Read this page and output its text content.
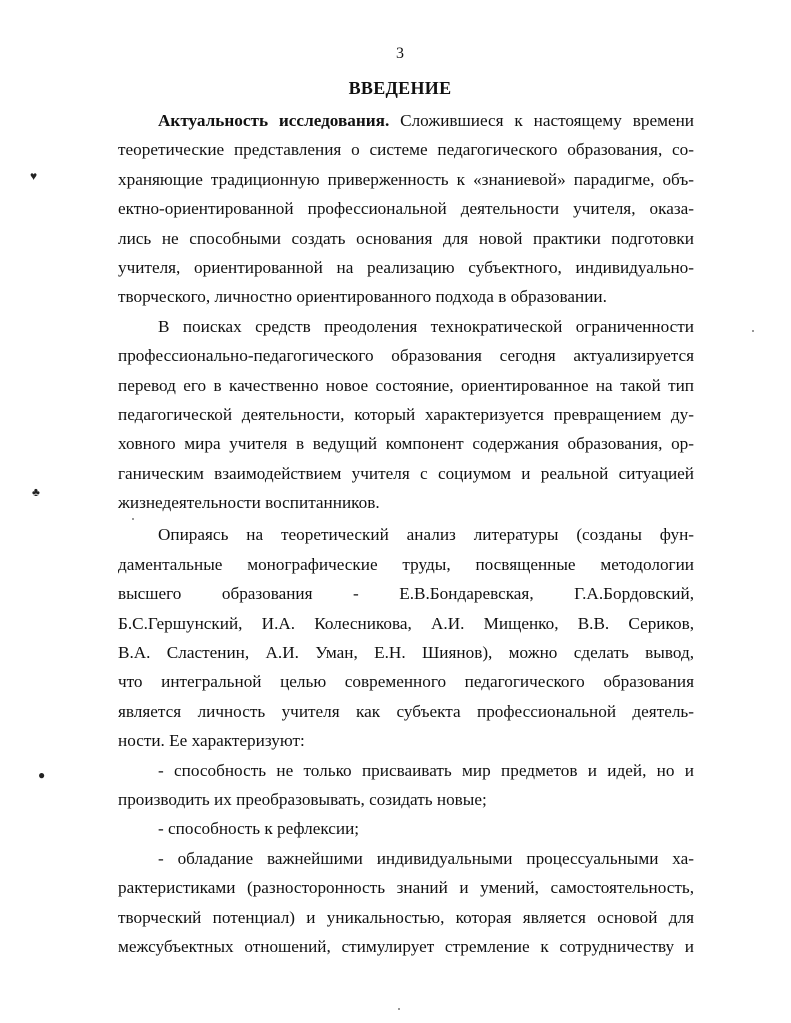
3
ВВЕДЕНИЕ
♥
♣
●
Актуальность исследования. Сложившиеся к настоящему времени
теоретические представления о системе педагогического образования, со-
храняющие традиционную приверженность к «знаниевой» парадигме, объ-
ектно-ориентированной профессиональной деятельности учителя, оказа-
лись не способными создать основания для новой практики подготовки
учителя, ориентированной на реализацию субъектного, индивидуально-
творческого, личностно ориентированного подхода в образовании.
В поисках средств преодоления технократической ограниченности
профессионально-педагогического образования сегодня актуализируется
перевод его в качественно новое состояние, ориентированное на такой тип
педагогической деятельности, который характеризуется превращением ду-
ховного мира учителя в ведущий компонент содержания образования, ор-
ганическим взаимодействием учителя с социумом и реальной ситуацией
жизнедеятельности воспитанников.
Опираясь на теоретический анализ литературы (созданы фун-
даментальные монографические труды, посвященные методологии
высшего образования - Е.В.Бондаревская, Г.А.Бордовский,
Б.С.Гершунский, И.А. Колесникова, А.И. Мищенко, В.В. Сериков,
В.А. Сластенин, А.И. Уман, Е.Н. Шиянов), можно сделать вывод,
что интегральной целью современного педагогического образования
является личность учителя как субъекта профессиональной деятель-
ности. Ее характеризуют:
- способность не только присваивать мир предметов и идей, но и
производить их преобразовывать, созидать новые;
- способность к рефлексии;
- обладание важнейшими индивидуальными процессуальными ха-
рактеристиками (разносторонность знаний и умений, самостоятельность,
творческий потенциал) и уникальностью, которая является основой для
межсубъектных отношений, стимулирует стремление к сотрудничеству и
